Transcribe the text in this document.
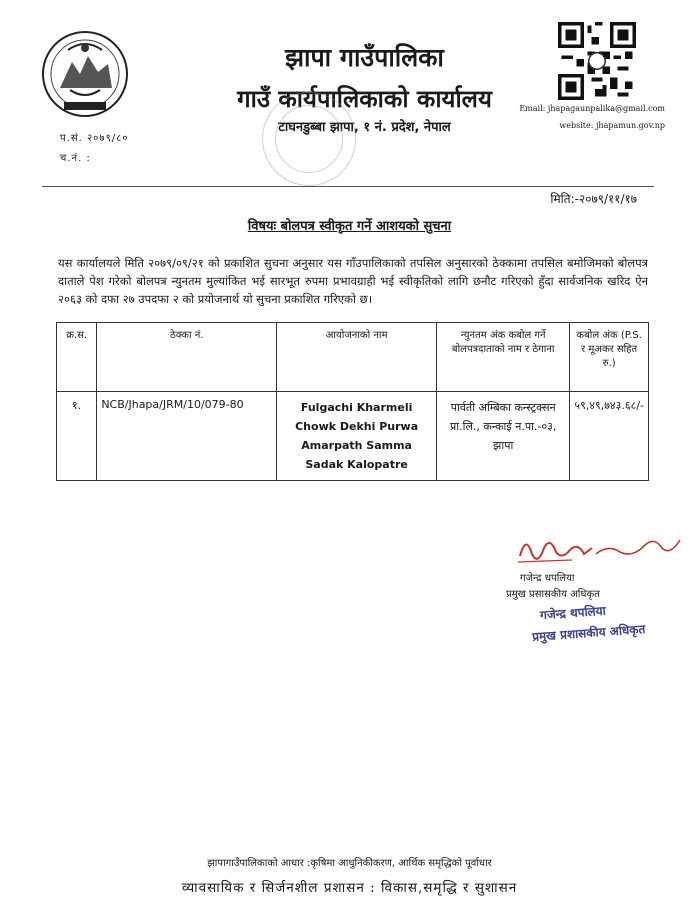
झापा गाउँपालिका
गाउँ कार्यपालिकाको कार्यालय
टाघनडुब्बा झापा, १ नं. प्रदेश, नेपाल
Email: jhapagaunpalika@gmail.com
website: jhapamun.gov.np
प.सं. २०७९/८०
च.नं. :
मिति:-२०७९/११/१७
विषयः बोलपत्र स्वीकृत गर्ने आशयको सुचना
यस कार्यालयले मिति २०७९/०९/२१ को प्रकाशित सुचना अनुसार यस गाँउपालिकाको तपसिल अनुसारको ठेक्कामा तपसिल बमोजिमको बोलपत्र दाताले पेश गरेको बोलपत्र न्युनतम मुल्यांकित भई सारभूत रुपमा प्रभावग्राही भई स्वीकृतिको लागि छनौट गरिएको हुँदा सार्वजनिक खरिद ऐन २०६३ को दफा २७ उपदफा २ को प्रयोजनार्थ यो सुचना प्रकाशित गरिएको छ।
क्र.स.	ठेक्का नं.	आयोजनाको नाम	न्युनतम अंक कबोल गर्ने बोलपत्रदाताको नाम र ठेगाना	कबोल अंक (P.S. र मूअकर सहित रु.)
१.	NCB/Jhapa/JRM/10/079-80	Fulgachi Kharmeli Chowk Dekhi Purwa Amarpath Samma Sadak Kalopatre	पार्वती अम्बिका कन्स्ट्रक्सन प्रा.लि., कन्काई न.पा.-०३, झापा	५९,४९,७४३.६८/-
गजेन्द्र थपलिया
प्रमुख प्रसासकीय अधिकृत
गजेन्द्र थपलिया
प्रमुख प्रशासकीय अधिकृत
झापागाउँपालिकाको आधार :कृषिमा आधुनिकीकरण, आर्थिक समृद्धिको पूर्वाधार
व्यावसायिक र सिर्जनशील प्रशासन : विकास,समृद्धि र सुशासन
